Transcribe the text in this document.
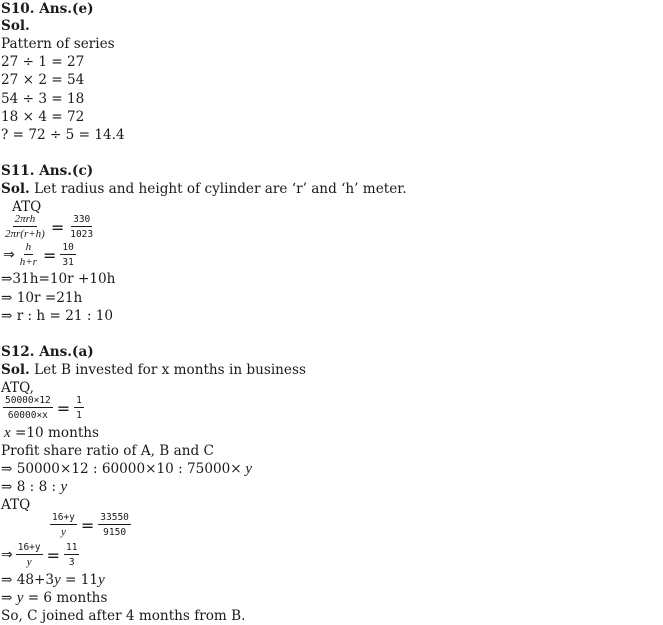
S10. Ans.(e)
Sol.
Pattern of series
27 ÷ 1 = 27
27 × 2 = 54
54 ÷ 3 = 18
18 × 4 = 72
? = 72 ÷ 5 = 14.4
S11. Ans.(c)
Sol. Let radius and height of cylinder are ‘r’ and ‘h’ meter.
ATQ
$\frac{\text{2πrh}}{2\pi r(r+h)} = \frac{330}{1023}$
⇒ $\frac{h}{h+r} = \frac{10}{31}$
⇒31h=10r +10h
⇒ 10r =21h
⇒ r : h = 21 : 10
S12. Ans.(a)
Sol. Let B invested for x months in business
ATQ,
$\frac{50000\times 12}{60000\times x} = \frac{1}{1}$
x =10 months
Profit share ratio of A, B and C
⇒ 50000×12 : 60000×10 : 75000× y
⇒ 8 : 8 : y
ATQ
$\frac{16+y}{y} = \frac{33550}{9150}$
⇒ $\frac{16+y}{y} = \frac{11}{3}$
⇒ 48+3y = 11y
⇒ y = 6 months
So, C joined after 4 months from B.
